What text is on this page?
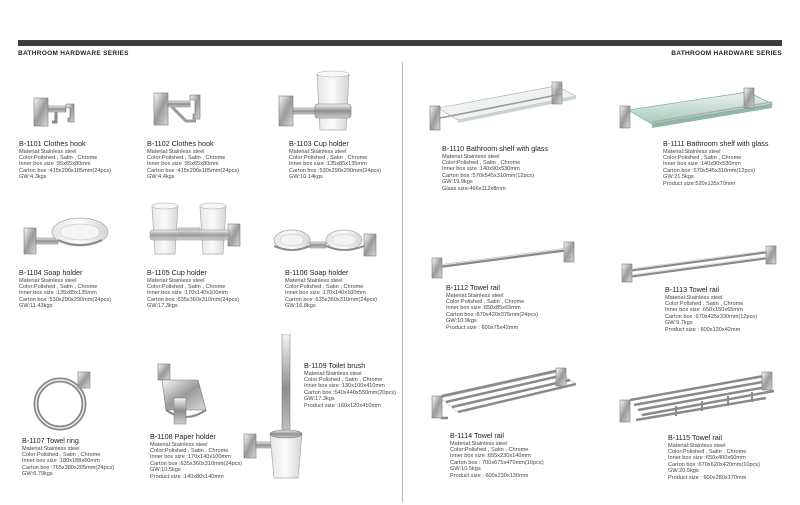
BATHROOM HARDWARE SERIES	BATHROOM HARDWARE SERIES
B-1101 Clothes hook
Material:Stainless steel
Color:Polished , Satin , Chrome
Inner box size :95x65x80mm
Carton box :415x200x185mm(24pcs)
GW:4.3kgs
B-1102 Clothes hook
Material:Stainless steel
Color:Polished , Satin , Chrome
Inner box size :95x65x80mm
Carton box :415x200x185mm(24pcs)
GW:4.4kgs
B-1103 Cup holder
Material:Stainless steel
Color:Polished , Satin , Chrome
Inner box size :135x85x135mm
Carton box :530x290x290mm(24pcs)
GW:10.14kgs
B-1110 Bathroom shelf with glass
Material:Stainless steel
Color:Polished , Satin , Chrome
Inner box size :140x90x530mm
Carton box :570x545x310mm(12pcs)
GW:19.9kgs
Glass size:466x112x8mm
B-1111 Bathroom shelf with glass
Material:Stainless steel
Color:Polished , Satin , Chrome
Inner box size :140x90x530mm
Carton box :570x545x310mm(12pcs)
GW:21.5kgs
Product size:520x135x70mm
B-1104 Soap holder
Material:Stainless steel
Color:Polished , Satin , Chrome
Inner box size :135x85x135mm
Carton box :530x290x290mm(24pcs)
GW:11.43kgs
B-1105 Cup holder
Material:Stainless steel
Color:Polished , Satin , Chrome
Inner box size :170x140x100mm
Carton box :635x360x310mm(24pcs)
GW:17.3kgs
B-1106 Soap holder
Material:Stainless steel
Color:Polished , Satin , Chrome
Inner box size :170x140x100mm
Carton box :635x360x310mm(24pcs)
GW:16.8kgs
B-1112 Towel rail
Material:Stainless steel
Color:Polished , Satin , Chrome
Inner box size :650x85x65mm
Carton box :670x420x375mm(24pcs)
GW:10.9kgs
Product size : 600x75x42mm
B-1113 Towel rail
Material:Stainless steel
Color:Polished , Satin , Chrome
Inner box size :650x150x65mm
Carton box :670x425x330mm(12pcs)
GW:9.7kgs
Product size : 600x130x42mm
B-1107 Towel ring
Material:Stainless steel
Color:Polished , Satin , Chrome
Inner box size :180x188x60mm
Carton box :765x380x205mm(24pcs)
GW:6.79kgs
B-1108 Paper holder
Material:Stainless steel
Color:Polished , Satin , Chrome
Inner box size :170x140x100mm
Carton box :635x360x310mm(24pcs)
GW:10.5kgs
Product size :140x80x140mm
B-1109 Toilet brush
Material:Stainless steel
Color:Polished , Satin , Chrome
Inner box size :130x100x410mm
Carton box :540x440x550mm(20pcs)
GW:17.3kgs
Product size :160x120x410mm
B-1114 Towel rail
Material:Stainless steel
Color:Polished , Satin , Chrome
Inner box size :655x230x140mm
Carton box : 700x675x470mm(10pcs)
GW:10.5kgs
Product size : 600x230x130mm
B-1115 Towel rail
Material:Stainless steel
Color:Polished , Satin , Chrome
Inner box size :650x400x60mm
Carton box :670x620x420mm(10pcs)
GW:20.5kgs
Product size : 600x280x170mm
